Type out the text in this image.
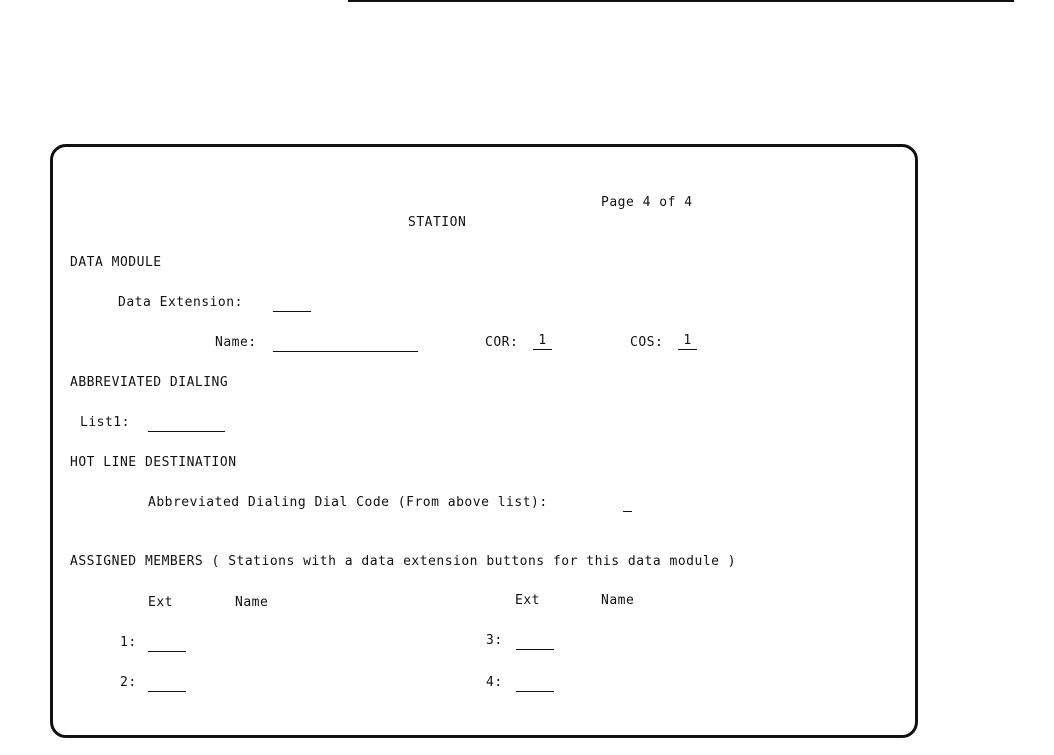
Page 4 of 4
STATION
DATA MODULE
Data Extension:
Name:	COR:	1	COS:	1
ABBREVIATED DIALING
List1:
HOT LINE DESTINATION
Abbreviated Dialing Dial Code (From above list):
ASSIGNED MEMBERS ( Stations with a data extension buttons for this data module )
Ext	Name	Ext	Name
1:
2:
3:
4:
